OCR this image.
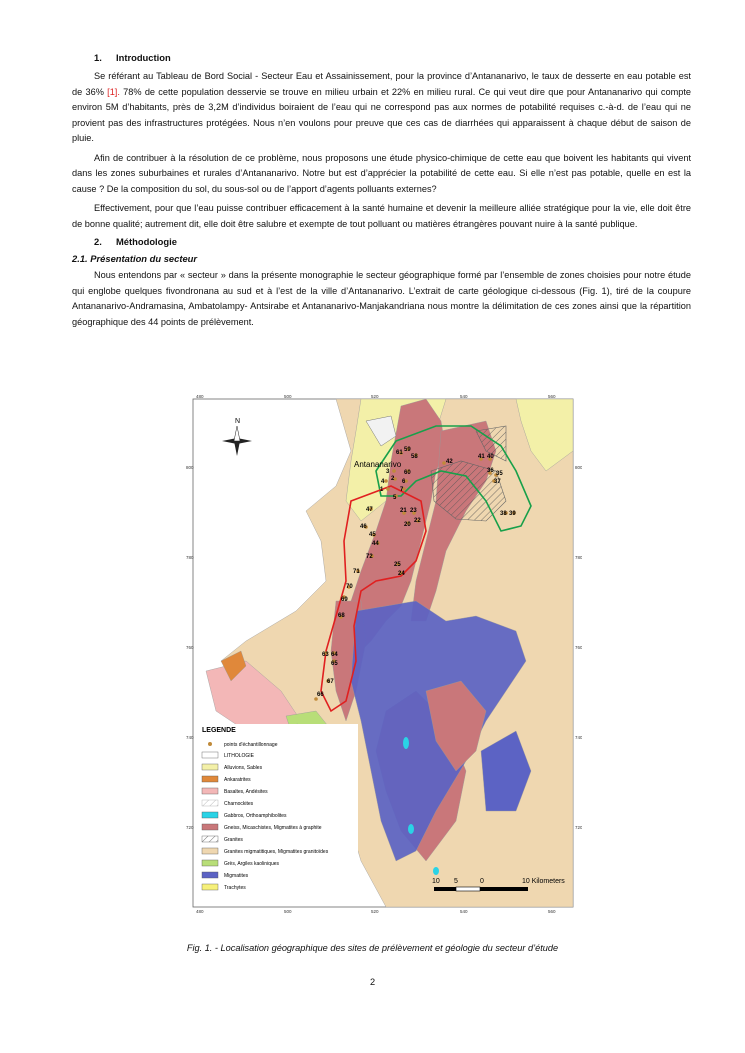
1. Introduction

Se référant au Tableau de Bord Social - Secteur Eau et Assainissement, pour la province d’Antananarivo, le taux de desserte en eau potable est de 36% [1]. 78% de cette population desservie se trouve en milieu urbain et 22% en milieu rural. Ce qui veut dire que pour Antananarivo qui compte environ 5M d’habitants, près de 3,2M d’individus boiraient de l’eau qui ne correspond pas aux normes de potabilité requises c.-à-d. de l’eau qui ne provient pas des infrastructures protégées. Nous n’en voulons pour preuve que ces cas de diarrhées qui apparaissent à chaque début de saison de pluie.

Afin de contribuer à la résolution de ce problème, nous proposons une étude physico-chimique de cette eau que boivent les habitants qui vivent dans les zones suburbaines et rurales d’Antananarivo. Notre but est d’apprécier la potabilité de cette eau. Si elle n’est pas potable, quelle en est la cause ? De la composition du sol, du sous-sol ou de l’apport d’agents polluants externes?

Effectivement, pour que l’eau puisse contribuer efficacement à la santé humaine et devenir la meilleure alliée stratégique pour la vie, elle doit être de bonne qualité; autrement dit, elle doit être salubre et exempte de tout polluant ou matières étrangères pouvant nuire à la santé publique.

2. Méthodologie
2.1. Présentation du secteur

Nous entendons par « secteur » dans la présente monographie le secteur géographique formé par l’ensemble de zones choisies pour notre étude qui englobe quelques fivondronana au sud et à l’est de la ville d’Antananarivo. L’extrait de carte géologique ci-dessous (Fig. 1), tiré de la coupure Antananarivo-Andramasina, Ambatolampy- Antsirabe et Antananarivo-Manjakandriana nous montre la délimitation de ces zones ainsi que la répartition géographique des 44 points de prélèvement.

N
Antananarivo
61 59
58
3 60
2 6
4
1	7
5
42
41 40
36 35
37
47	21 23
22
20
46
45
44
72
71
25
24
38 39
70
69
68
63 64
65
67
66
480	500	520	540	560
480	500	520	540	560
800
780
760
740
720
800
780
760
740
720
LEGENDE
points d'échantillonnage
LITHOLOGIE
Alluvions, Sables
Ankaratrites
Basaltes, Andésites
Charnockites
Gabbros, Orthoamphibolites
Gneiss, Micaschistes, Migmatites à graphite
Granites
Granites migmatitiques, Migmatites granitoïdes
Grès, Argiles kaoliniques
Migmatites
Trachytes
10 5	0	10 Kilometers
Fig. 1. - Localisation géographique des sites de prélèvement et géologie du secteur d’étude
2
